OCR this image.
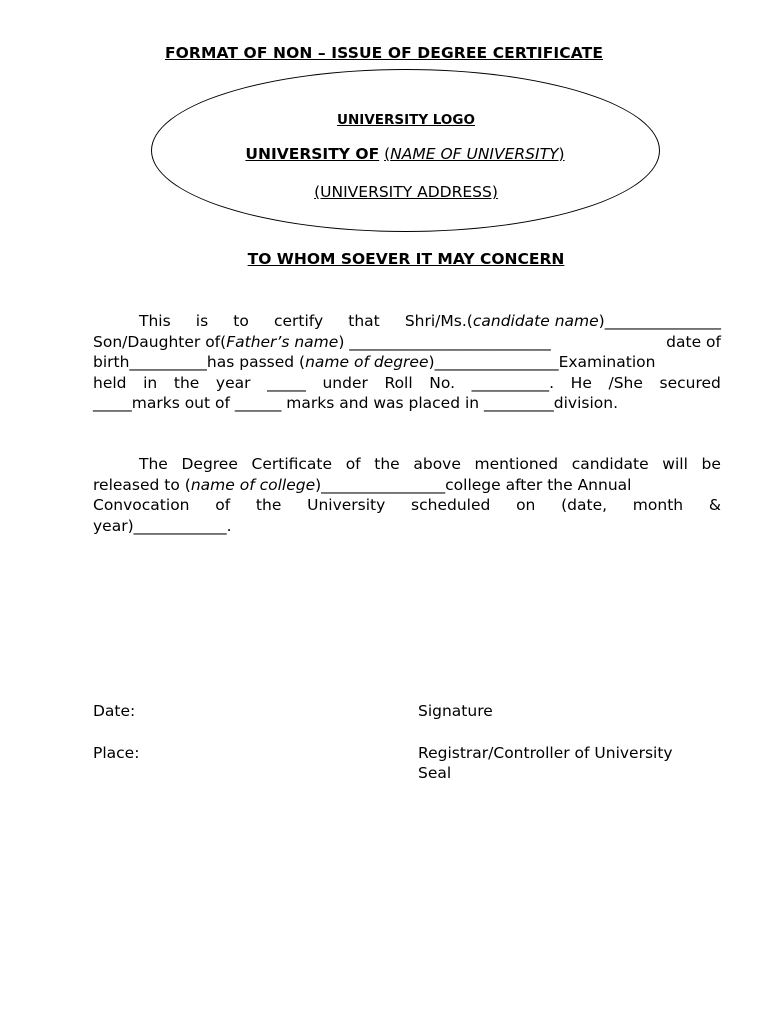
FORMAT OF NON – ISSUE OF DEGREE CERTIFICATE
UNIVERSITY LOGO
UNIVERSITY OF (NAME OF UNIVERSITY)
(UNIVERSITY ADDRESS)
TO WHOM SOEVER IT MAY CONCERN
This is to certify that Shri/Ms.(candidate name)_______________
Son/Daughter of(Father’s name) __________________________	date of
birth__________has passed (name of degree)________________Examination
held in the year _____ under Roll No. __________. He /She secured
_____marks out of ______ marks and was placed in _________division.
The Degree Certificate of the above mentioned candidate will be
released to (name of college)________________college after the Annual
Convocation of the University scheduled on (date, month &
year)____________.
Date:
Place:
Signature
Registrar/Controller of University
Seal
